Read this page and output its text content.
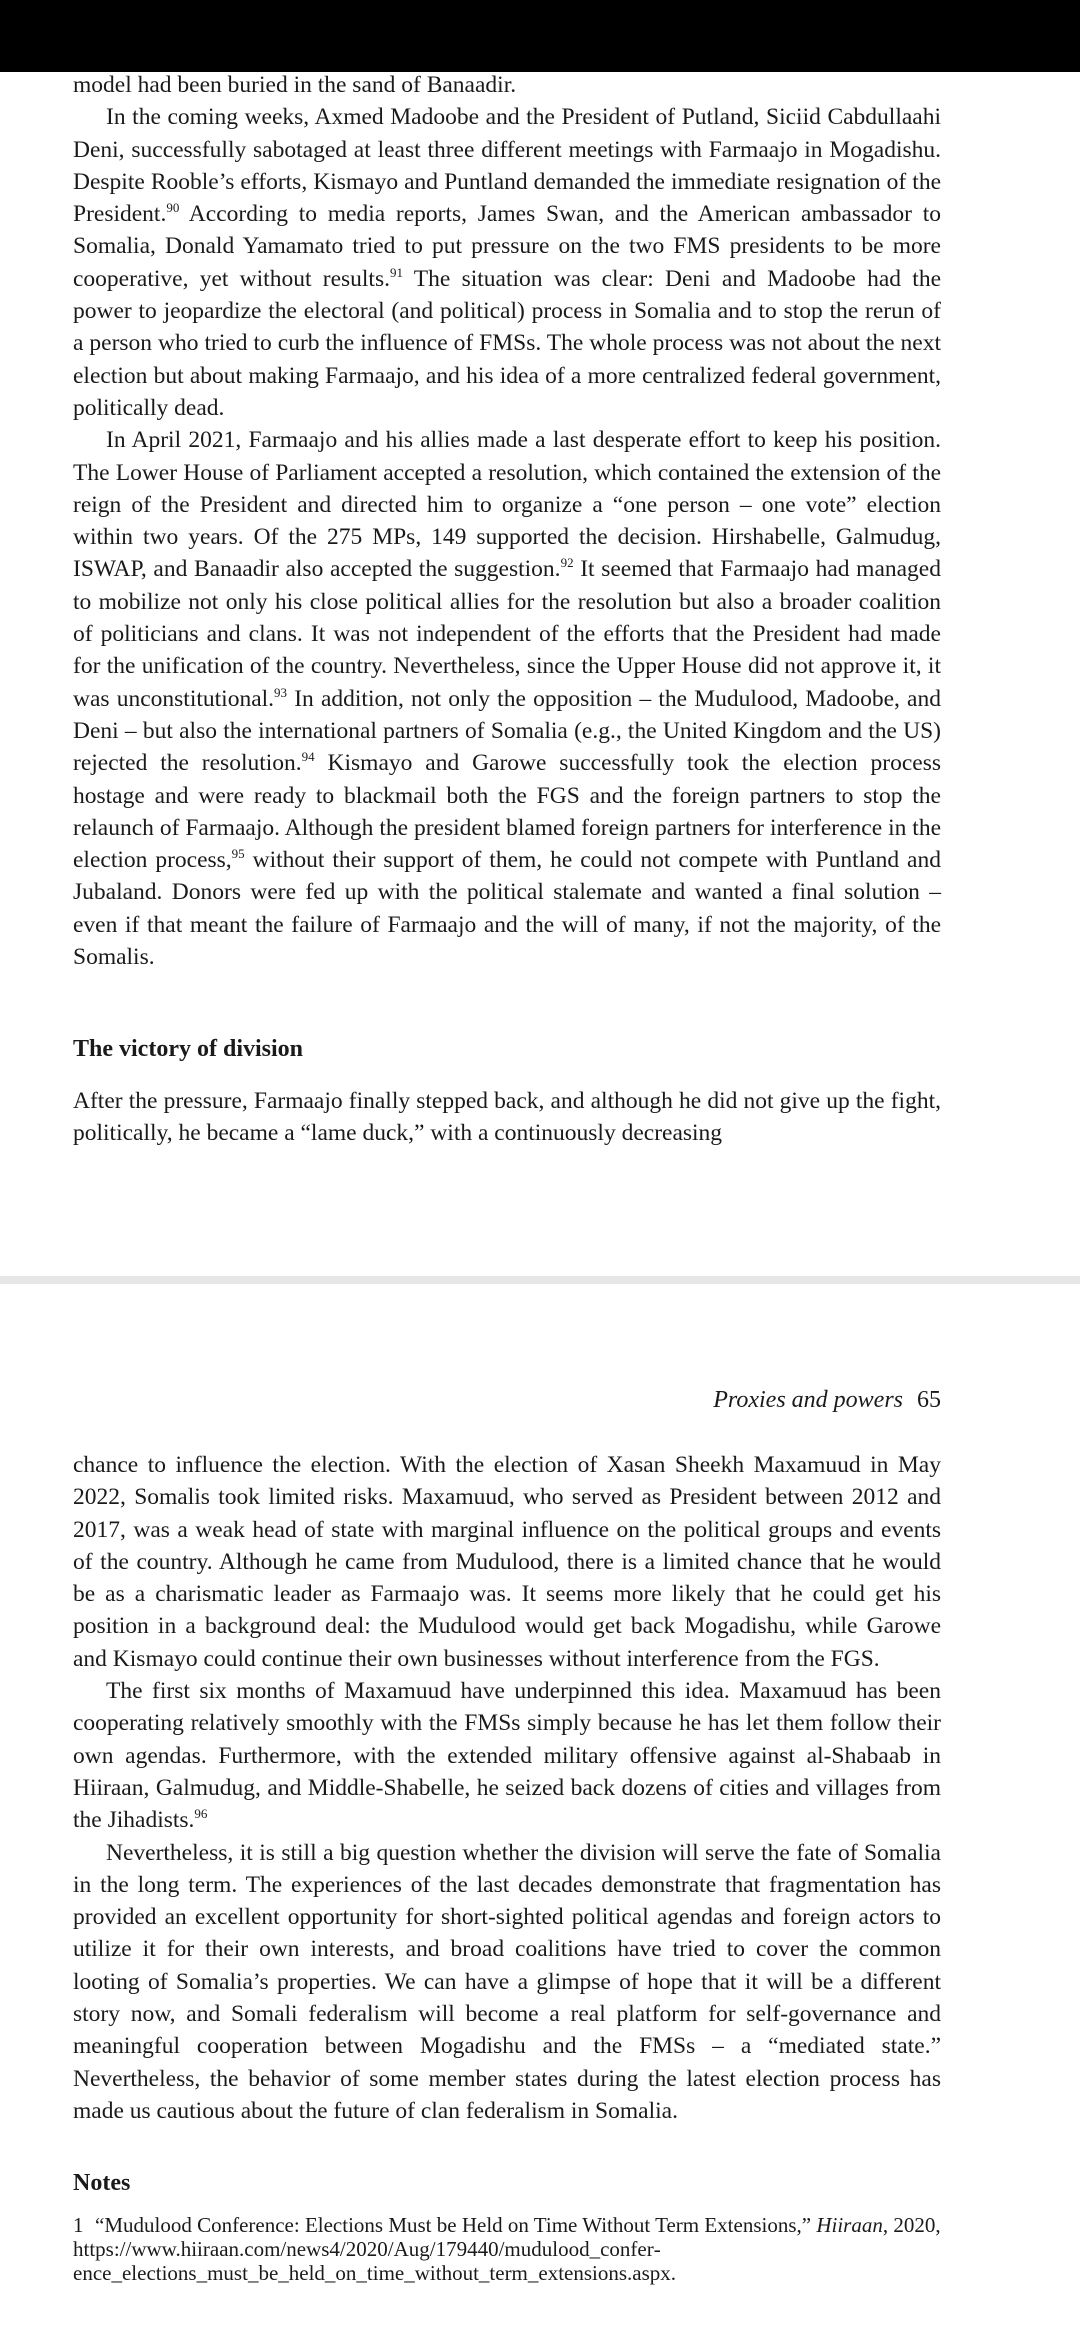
model had been buried in the sand of Banaadir.

In the coming weeks, Axmed Madoobe and the President of Putland, Siciid Cabdullaahi Deni, successfully sabotaged at least three different meetings with Farmaajo in Mogadishu. Despite Rooble’s efforts, Kismayo and Puntland demanded the immediate resignation of the President.$^{90}$ According to media reports, James Swan, and the American ambassador to Somalia, Donald Yamamato tried to put pressure on the two FMS presidents to be more cooperative, yet without results.$^{91}$ The situation was clear: Deni and Madoobe had the power to jeopardize the electoral (and political) process in Somalia and to stop the rerun of a person who tried to curb the influence of FMSs. The whole process was not about the next election but about making Farmaajo, and his idea of a more centralized federal government, politically dead.

In April 2021, Farmaajo and his allies made a last desperate effort to keep his position. The Lower House of Parliament accepted a resolution, which contained the extension of the reign of the President and directed him to organize a “one person – one vote” election within two years. Of the 275 MPs, 149 supported the decision. Hirshabelle, Galmudug, ISWAP, and Banaadir also accepted the suggestion.$^{92}$ It seemed that Farmaajo had managed to mobilize not only his close political allies for the resolution but also a broader coalition of politicians and clans. It was not independent of the efforts that the President had made for the unification of the country. Nevertheless, since the Upper House did not approve it, it was unconstitutional.$^{93}$ In addition, not only the opposition – the Mudulood, Madoobe, and Deni – but also the international partners of Somalia (e.g., the United Kingdom and the US) rejected the resolution.$^{94}$ Kismayo and Garowe successfully took the election process hostage and were ready to blackmail both the FGS and the foreign partners to stop the relaunch of Farmaajo. Although the president blamed foreign partners for interference in the election process,$^{95}$ without their support of them, he could not compete with Puntland and Jubaland. Donors were fed up with the political stalemate and wanted a final solution – even if that meant the failure of Farmaajo and the will of many, if not the majority, of the Somalis.

The victory of division

After the pressure, Farmaajo finally stepped back, and although he did not give up the fight, politically, he became a “lame duck,” with a continuously decreasing

Proxies and powers 65

chance to influence the election. With the election of Xasan Sheekh Maxamuud in May 2022, Somalis took limited risks. Maxamuud, who served as President between 2012 and 2017, was a weak head of state with marginal influence on the political groups and events of the country. Although he came from Mudulood, there is a limited chance that he would be as a charismatic leader as Farmaajo was. It seems more likely that he could get his position in a background deal: the Mudulood would get back Mogadishu, while Garowe and Kismayo could continue their own businesses without interference from the FGS.

The first six months of Maxamuud have underpinned this idea. Maxamuud has been cooperating relatively smoothly with the FMSs simply because he has let them follow their own agendas. Furthermore, with the extended military offensive against al-Shabaab in Hiiraan, Galmudug, and Middle-Shabelle, he seized back dozens of cities and villages from the Jihadists.$^{96}$

Nevertheless, it is still a big question whether the division will serve the fate of Somalia in the long term. The experiences of the last decades demonstrate that fragmentation has provided an excellent opportunity for short-sighted political agendas and foreign actors to utilize it for their own interests, and broad coalitions have tried to cover the common looting of Somalia’s properties. We can have a glimpse of hope that it will be a different story now, and Somali federalism will become a real platform for self-governance and meaningful cooperation between Mogadishu and the FMSs – a “mediated state.” Nevertheless, the behavior of some member states during the latest election process has made us cautious about the future of clan federalism in Somalia.

Notes

1 “Mudulood Conference: Elections Must be Held on Time Without Term Extensions,” Hiiraan, 2020, https://www.hiiraan.com/news4/2020/Aug/179440/mudulood_conference_elections_must_be_held_on_time_without_term_extensions.aspx.
